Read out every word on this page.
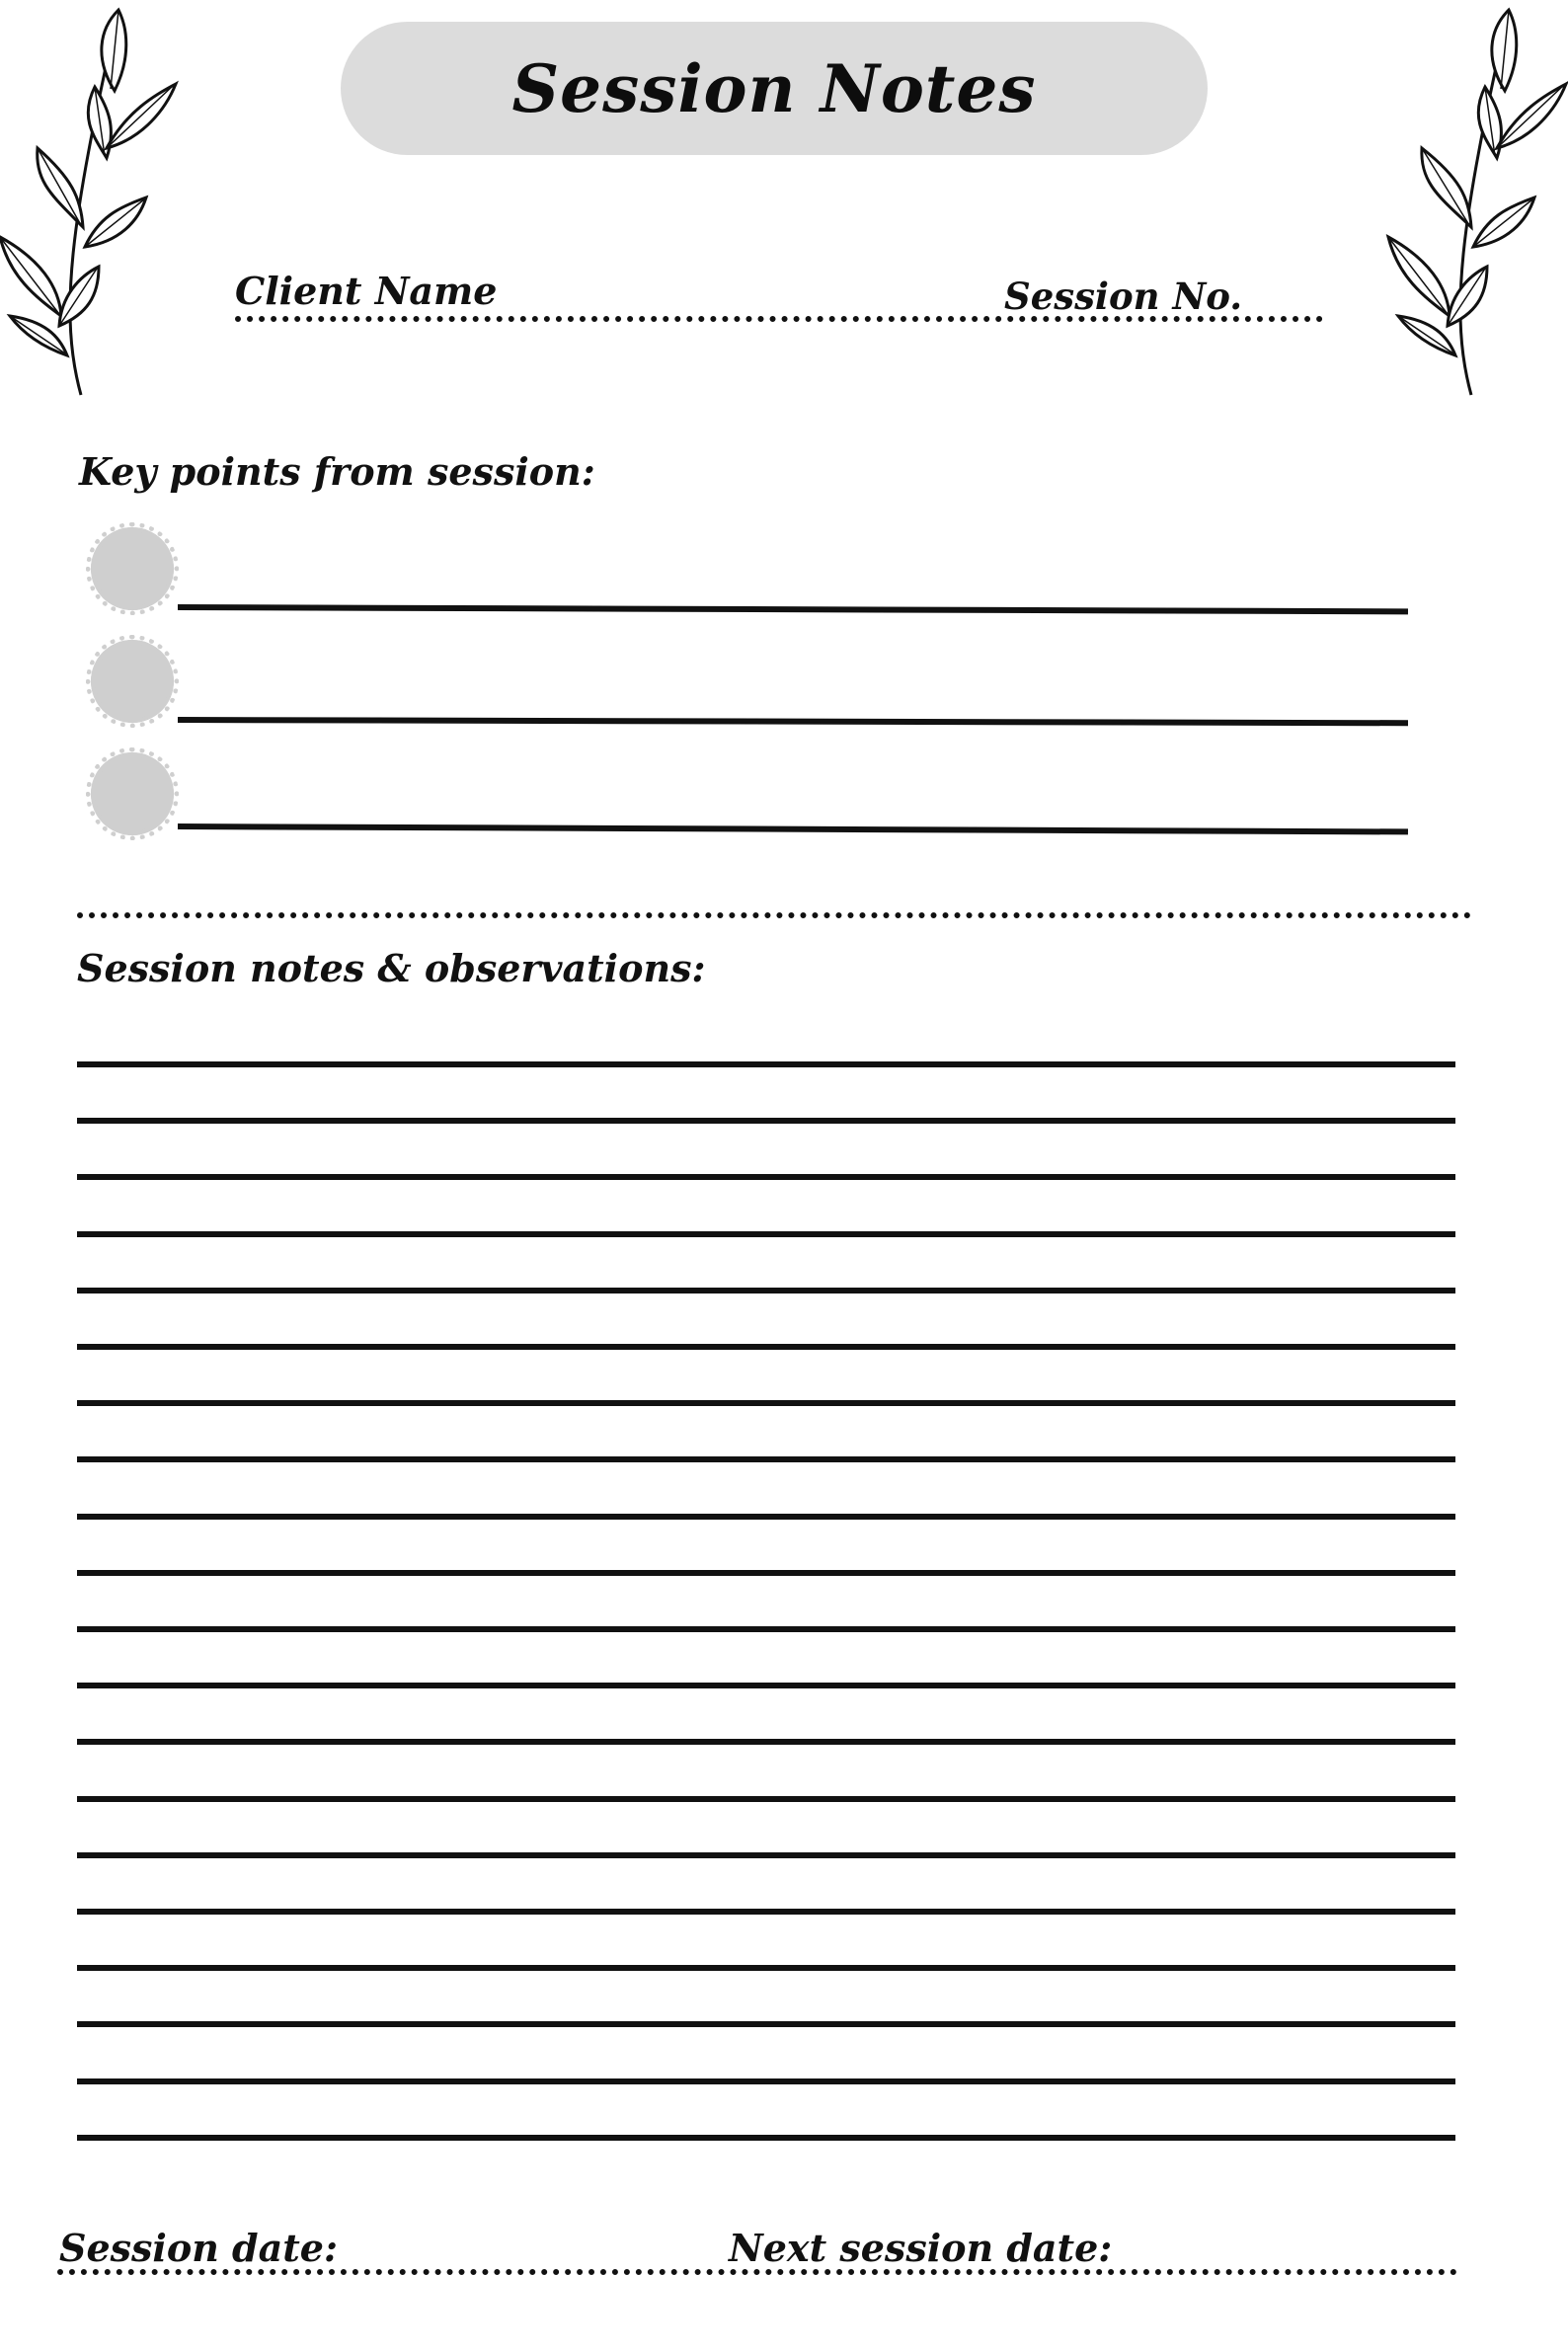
Session Notes
Client Name	Session No.
Key points from session:
Session notes & observations:
Session date:	Next session date:
